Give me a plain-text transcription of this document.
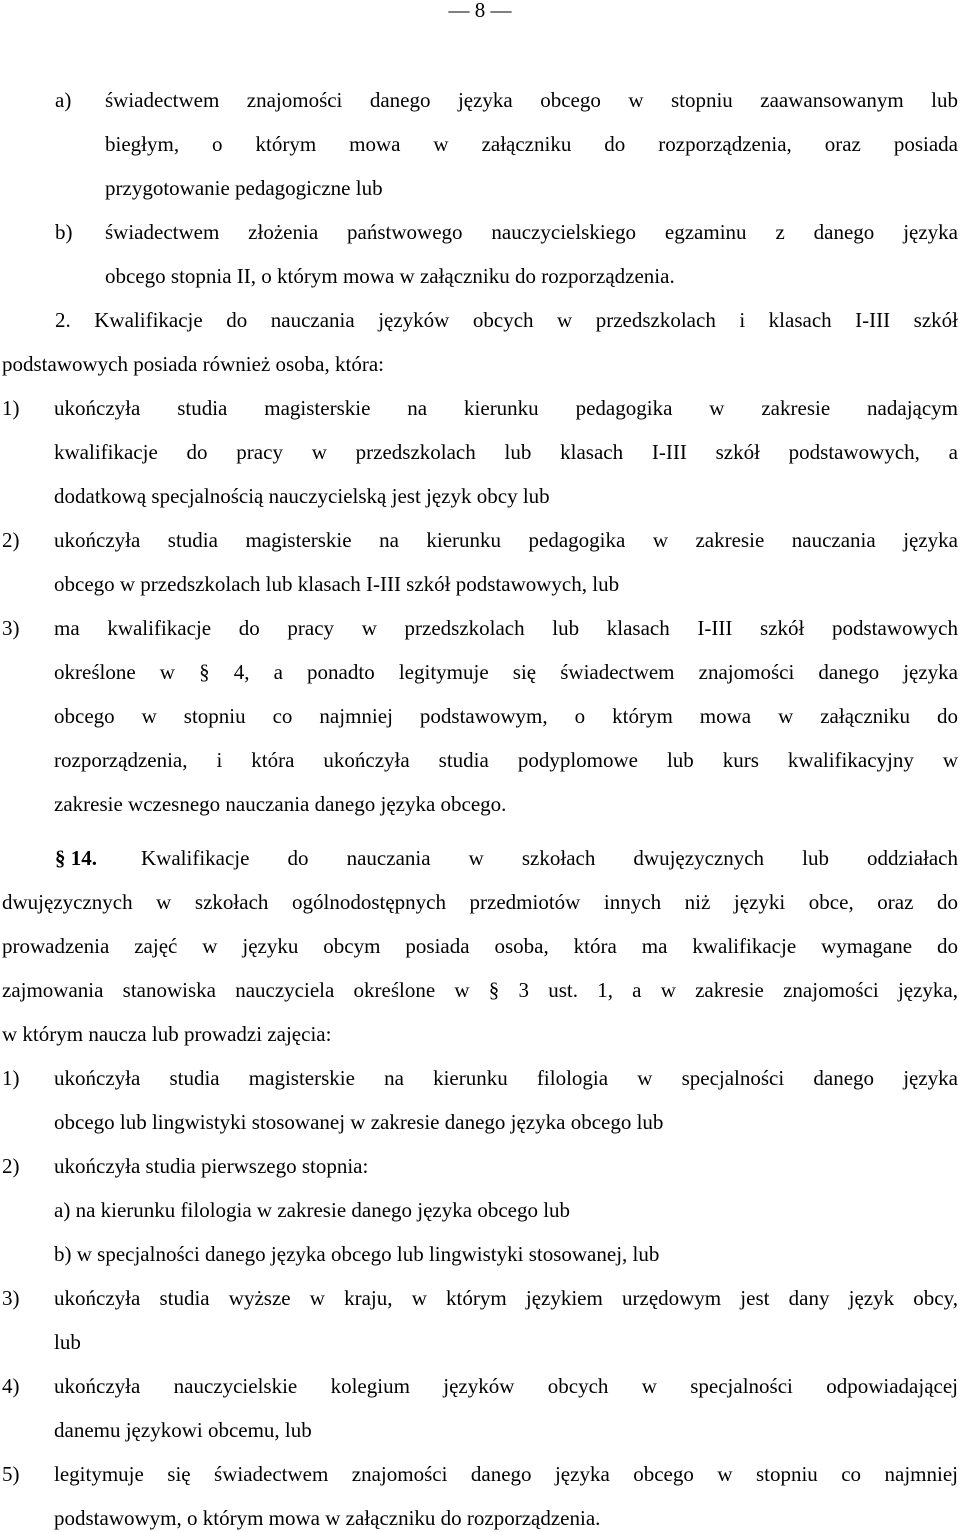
— 8 —
a) świadectwem znajomości danego języka obcego w stopniu zaawansowanym lub
biegłym, o którym mowa w załączniku do rozporządzenia, oraz posiada
przygotowanie pedagogiczne lub
b) świadectwem złożenia państwowego nauczycielskiego egzaminu z danego języka
obcego stopnia II, o którym mowa w załączniku do rozporządzenia.
2. Kwalifikacje do nauczania języków obcych w przedszkolach i klasach I-III szkół
podstawowych posiada również osoba, która:
1) ukończyła studia magisterskie na kierunku pedagogika w zakresie nadającym
kwalifikacje do pracy w przedszkolach lub klasach I-III szkół podstawowych, a
dodatkową specjalnością nauczycielską jest język obcy lub
2) ukończyła studia magisterskie na kierunku pedagogika w zakresie nauczania języka
obcego w przedszkolach lub klasach I-III szkół podstawowych, lub
3) ma kwalifikacje do pracy w przedszkolach lub klasach I-III szkół podstawowych
określone w § 4, a ponadto legitymuje się świadectwem znajomości danego języka
obcego w stopniu co najmniej podstawowym, o którym mowa w załączniku do
rozporządzenia, i która ukończyła studia podyplomowe lub kurs kwalifikacyjny w
zakresie wczesnego nauczania danego języka obcego.
§ 14. Kwalifikacje do nauczania w szkołach dwujęzycznych lub oddziałach
dwujęzycznych w szkołach ogólnodostępnych przedmiotów innych niż języki obce, oraz do
prowadzenia zajęć w języku obcym posiada osoba, która ma kwalifikacje wymagane do
zajmowania stanowiska nauczyciela określone w § 3 ust. 1, a w zakresie znajomości języka,
w którym naucza lub prowadzi zajęcia:
1) ukończyła studia magisterskie na kierunku filologia w specjalności danego języka
obcego lub lingwistyki stosowanej w zakresie danego języka obcego lub
2) ukończyła studia pierwszego stopnia:
a) na kierunku filologia w zakresie danego języka obcego lub
b) w specjalności danego języka obcego lub lingwistyki stosowanej, lub
3) ukończyła studia wyższe w kraju, w którym językiem urzędowym jest dany język obcy,
lub
4) ukończyła nauczycielskie kolegium języków obcych w specjalności odpowiadającej
danemu językowi obcemu, lub
5) legitymuje się świadectwem znajomości danego języka obcego w stopniu co najmniej
podstawowym, o którym mowa w załączniku do rozporządzenia.
